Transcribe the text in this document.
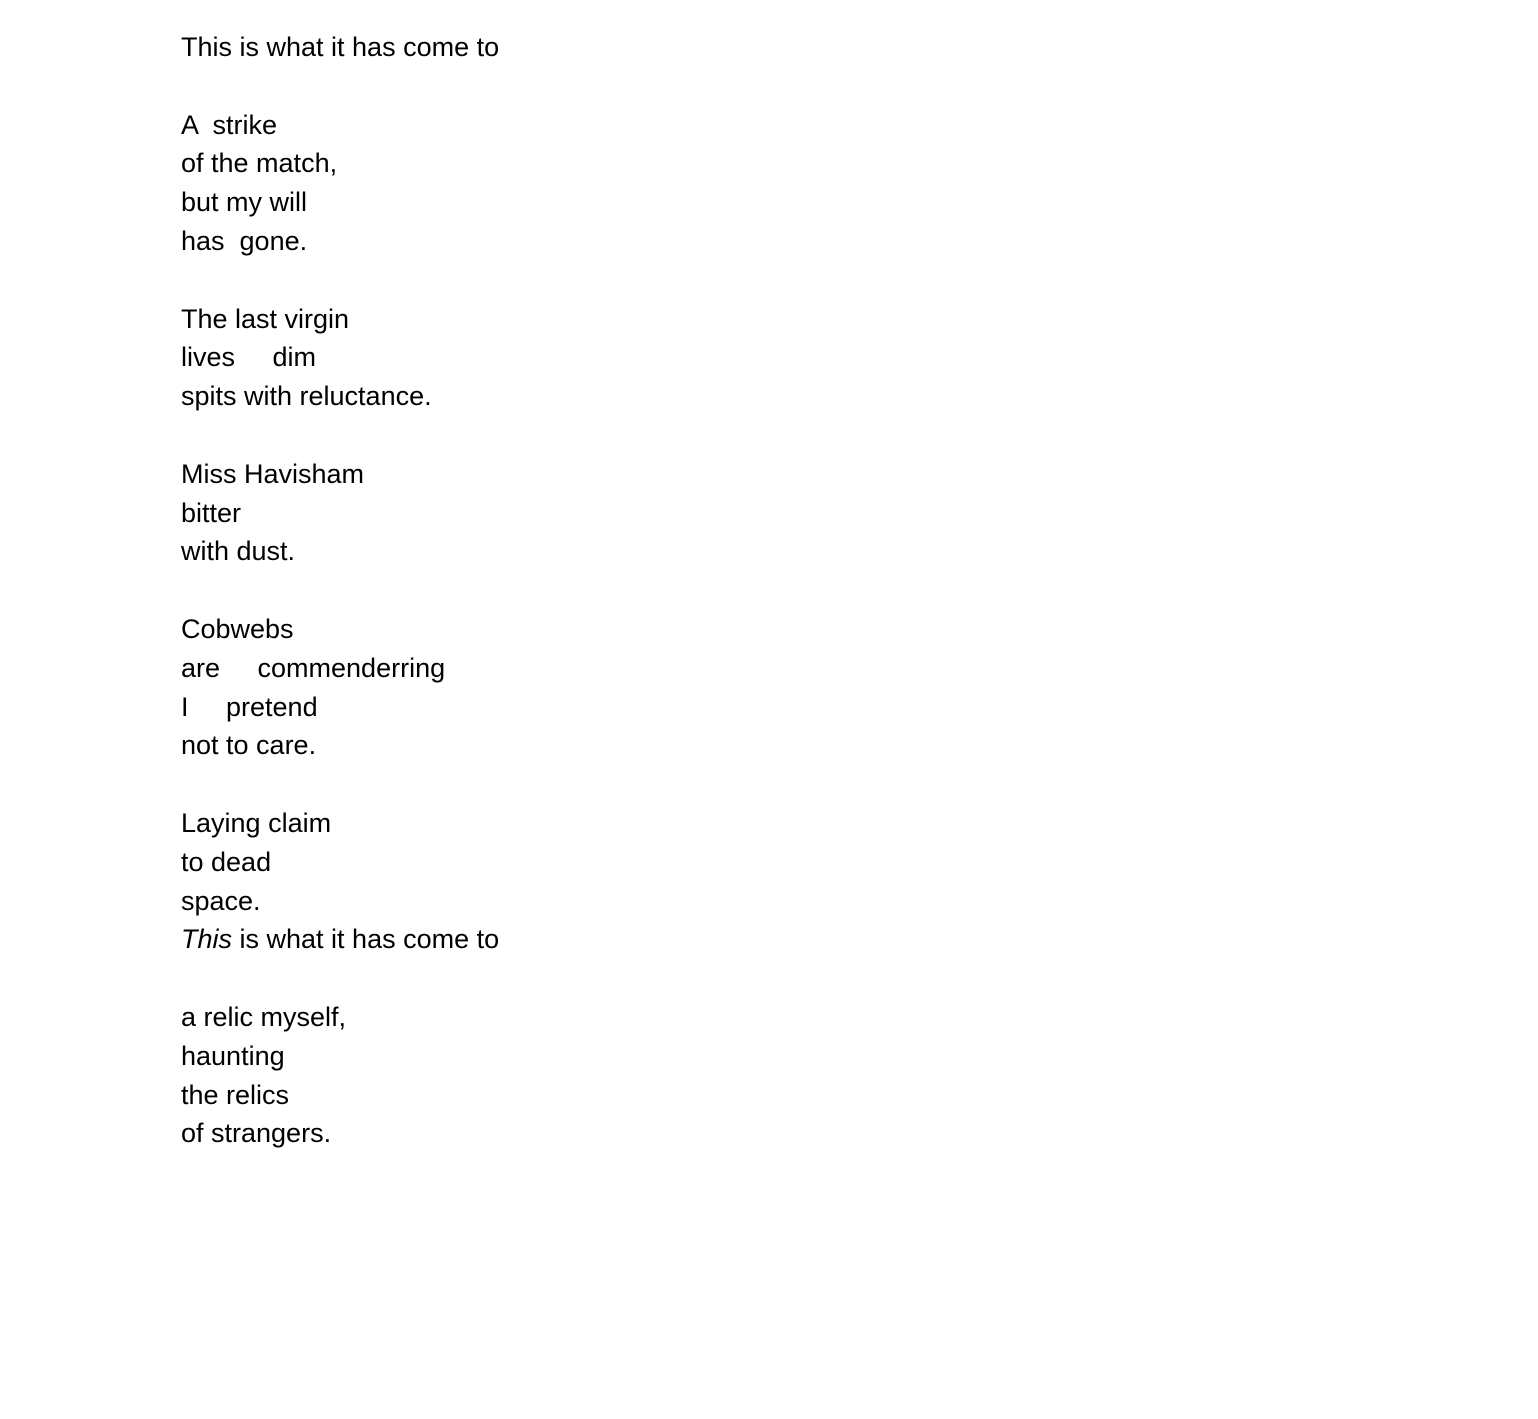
This is what it has come to
A  strike
of the match,
but my will
has  gone.
The last virgin
lives     dim
spits with reluctance.
Miss Havisham
bitter
with dust.
Cobwebs
are     commenderring
I     pretend
not to care.
Laying claim
to dead
space.
This is what it has come to
a relic myself,
haunting
the relics
of strangers.
